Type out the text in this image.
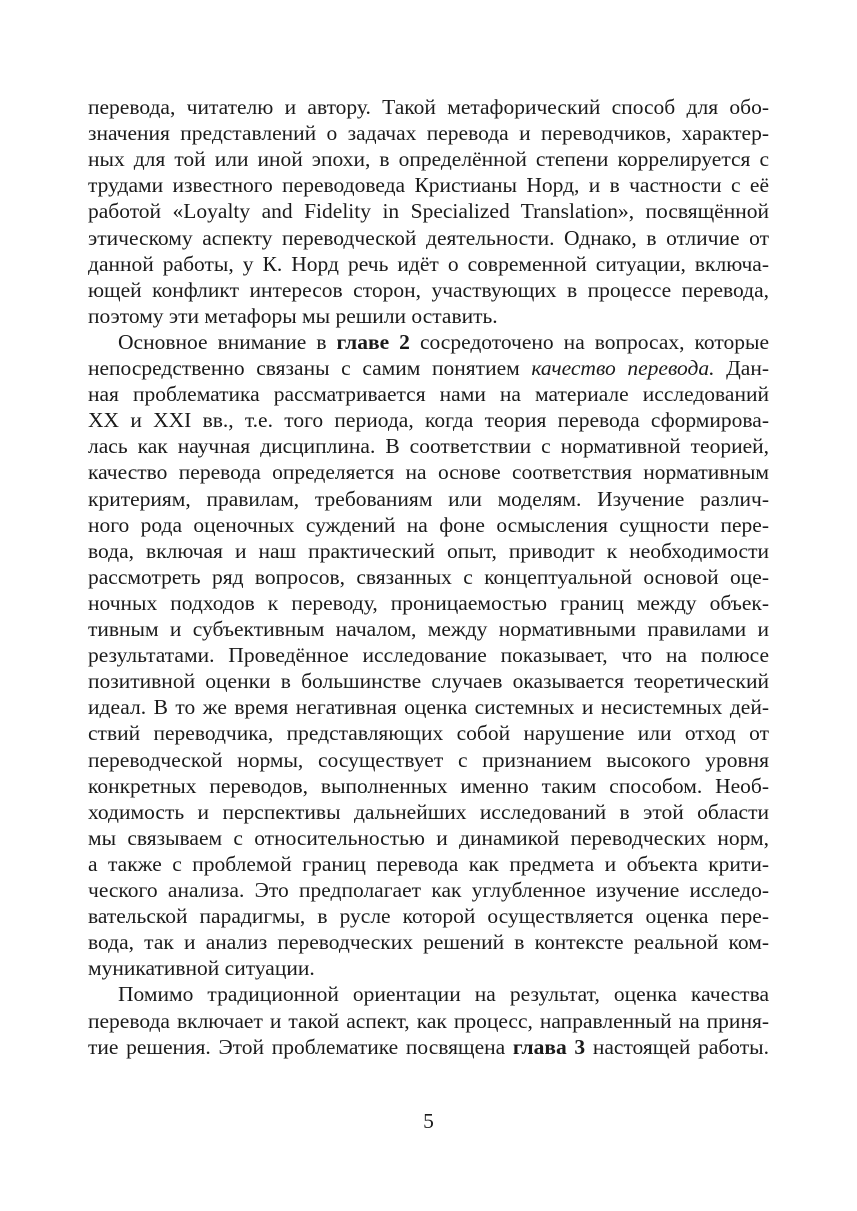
перевода, читателю и автору. Такой метафорический способ для обо-
значения представлений о задачах перевода и переводчиков, характер-
ных для той или иной эпохи, в определённой степени коррелируется с
трудами известного переводоведа Кристианы Норд, и в частности с её
работой «Loyalty and Fidelity in Specialized Translation», посвящённой
этическому аспекту переводческой деятельности. Однако, в отличие от
данной работы, у К. Норд речь идёт о современной ситуации, включа-
ющей конфликт интересов сторон, участвующих в процессе перевода,
поэтому эти метафоры мы решили оставить.
Основное внимание в главе 2 сосредоточено на вопросах, которые
непосредственно связаны с самим понятием качество перевода. Дан-
ная проблематика рассматривается нами на материале исследований
XX и XXI вв., т.е. того периода, когда теория перевода сформирова-
лась как научная дисциплина. В соответствии с нормативной теорией,
качество перевода определяется на основе соответствия нормативным
критериям, правилам, требованиям или моделям. Изучение различ-
ного рода оценочных суждений на фоне осмысления сущности пере-
вода, включая и наш практический опыт, приводит к необходимости
рассмотреть ряд вопросов, связанных с концептуальной основой оце-
ночных подходов к переводу, проницаемостью границ между объек-
тивным и субъективным началом, между нормативными правилами и
результатами. Проведённое исследование показывает, что на полюсе
позитивной оценки в большинстве случаев оказывается теоретический
идеал. В то же время негативная оценка системных и несистемных дей-
ствий переводчика, представляющих собой нарушение или отход от
переводческой нормы, сосуществует с признанием высокого уровня
конкретных переводов, выполненных именно таким способом. Необ-
ходимость и перспективы дальнейших исследований в этой области
мы связываем с относительностью и динамикой переводческих норм,
а также с проблемой границ перевода как предмета и объекта крити-
ческого анализа. Это предполагает как углубленное изучение исследо-
вательской парадигмы, в русле которой осуществляется оценка пере-
вода, так и анализ переводческих решений в контексте реальной ком-
муникативной ситуации.
Помимо традиционной ориентации на результат, оценка качества
перевода включает и такой аспект, как процесс, направленный на приня-
тие решения. Этой проблематике посвящена глава 3 настоящей работы.
5
